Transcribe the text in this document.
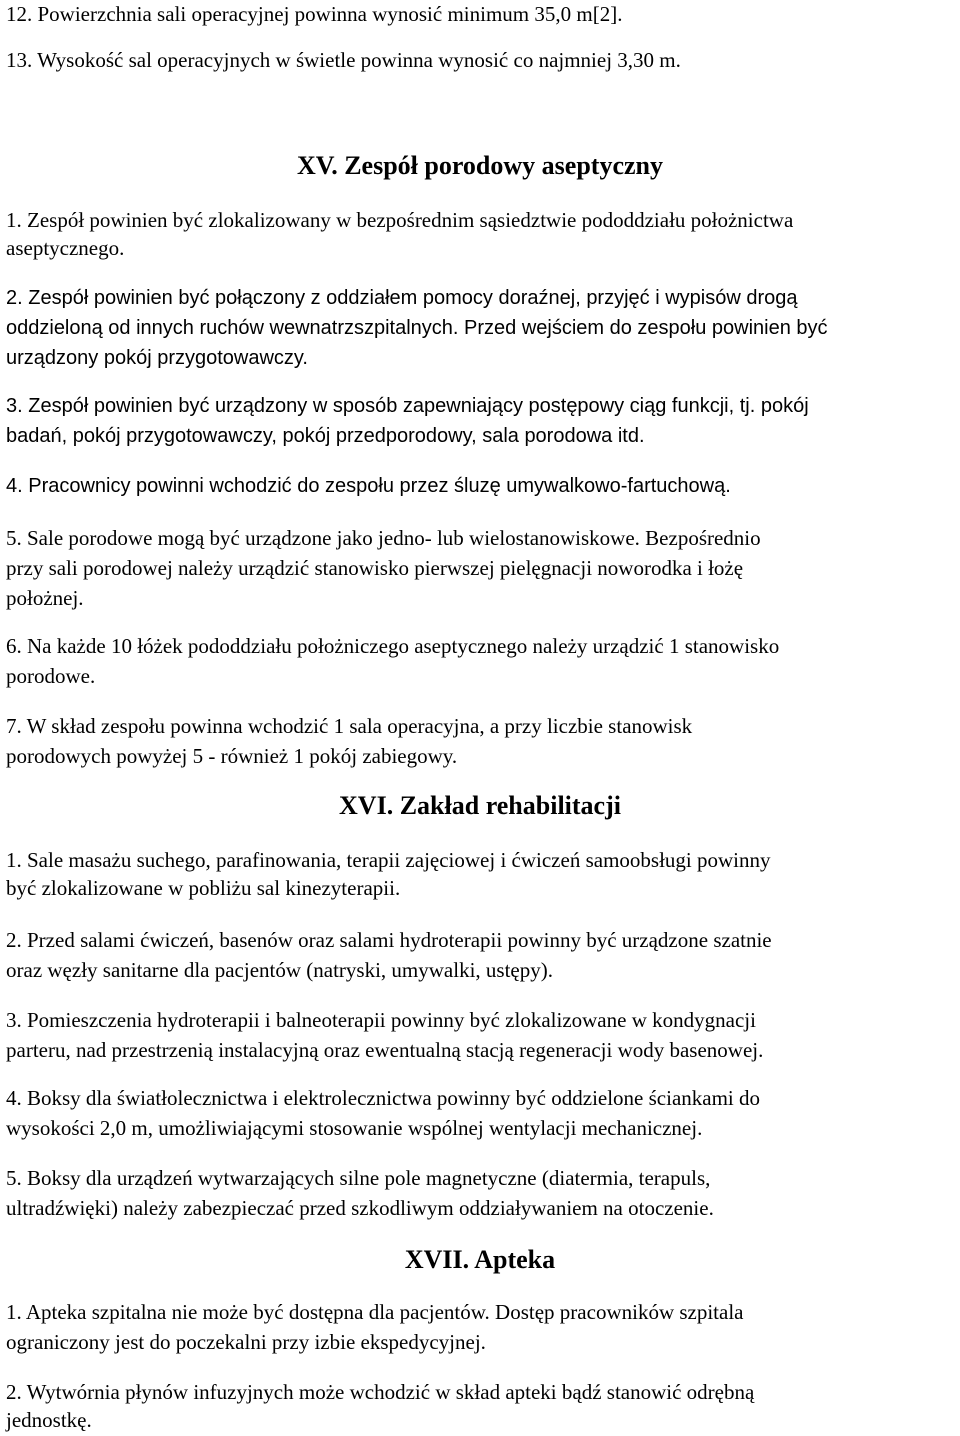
12. Powierzchnia sali operacyjnej powinna wynosić minimum 35,0 m[2].
13. Wysokość sal operacyjnych w świetle powinna wynosić co najmniej 3,30 m.
XV. Zespół porodowy aseptyczny
1. Zespół powinien być zlokalizowany w bezpośrednim sąsiedztwie pododdziału położnictwa
aseptycznego.
2. Zespół powinien być połączony z oddziałem pomocy doraźnej, przyjęć i wypisów drogą
oddzieloną od innych ruchów wewnatrzszpitalnych. Przed wejściem do zespołu powinien być
urządzony pokój przygotowawczy.
3. Zespół powinien być urządzony w sposób zapewniający postępowy ciąg funkcji, tj. pokój
badań, pokój przygotowawczy, pokój przedporodowy, sala porodowa itd.
4. Pracownicy powinni wchodzić do zespołu przez śluzę umywalkowo-fartuchową.
5. Sale porodowe mogą być urządzone jako jedno- lub wielostanowiskowe. Bezpośrednio
przy sali porodowej należy urządzić stanowisko pierwszej pielęgnacji noworodka i łożę
położnej.
6. Na każde 10 łóżek pododdziału położniczego aseptycznego należy urządzić 1 stanowisko
porodowe.
7. W skład zespołu powinna wchodzić 1 sala operacyjna, a przy liczbie stanowisk
porodowych powyżej 5 - również 1 pokój zabiegowy.
XVI. Zakład rehabilitacji
1. Sale masażu suchego, parafinowania, terapii zajęciowej i ćwiczeń samoobsługi powinny
być zlokalizowane w pobliżu sal kinezyterapii.
2. Przed salami ćwiczeń, basenów oraz salami hydroterapii powinny być urządzone szatnie
oraz węzły sanitarne dla pacjentów (natryski, umywalki, ustępy).
3. Pomieszczenia hydroterapii i balneoterapii powinny być zlokalizowane w kondygnacji
parteru, nad przestrzenią instalacyjną oraz ewentualną stacją regeneracji wody basenowej.
4. Boksy dla światłolecznictwa i elektrolecznictwa powinny być oddzielone ściankami do
wysokości 2,0 m, umożliwiającymi stosowanie wspólnej wentylacji mechanicznej.
5. Boksy dla urządzeń wytwarzających silne pole magnetyczne (diatermia, terapuls,
ultradźwięki) należy zabezpieczać przed szkodliwym oddziaływaniem na otoczenie.
XVII. Apteka
1. Apteka szpitalna nie może być dostępna dla pacjentów. Dostęp pracowników szpitala
ograniczony jest do poczekalni przy izbie ekspedycyjnej.
2. Wytwórnia płynów infuzyjnych może wchodzić w skład apteki bądź stanowić odrębną
jednostkę.
